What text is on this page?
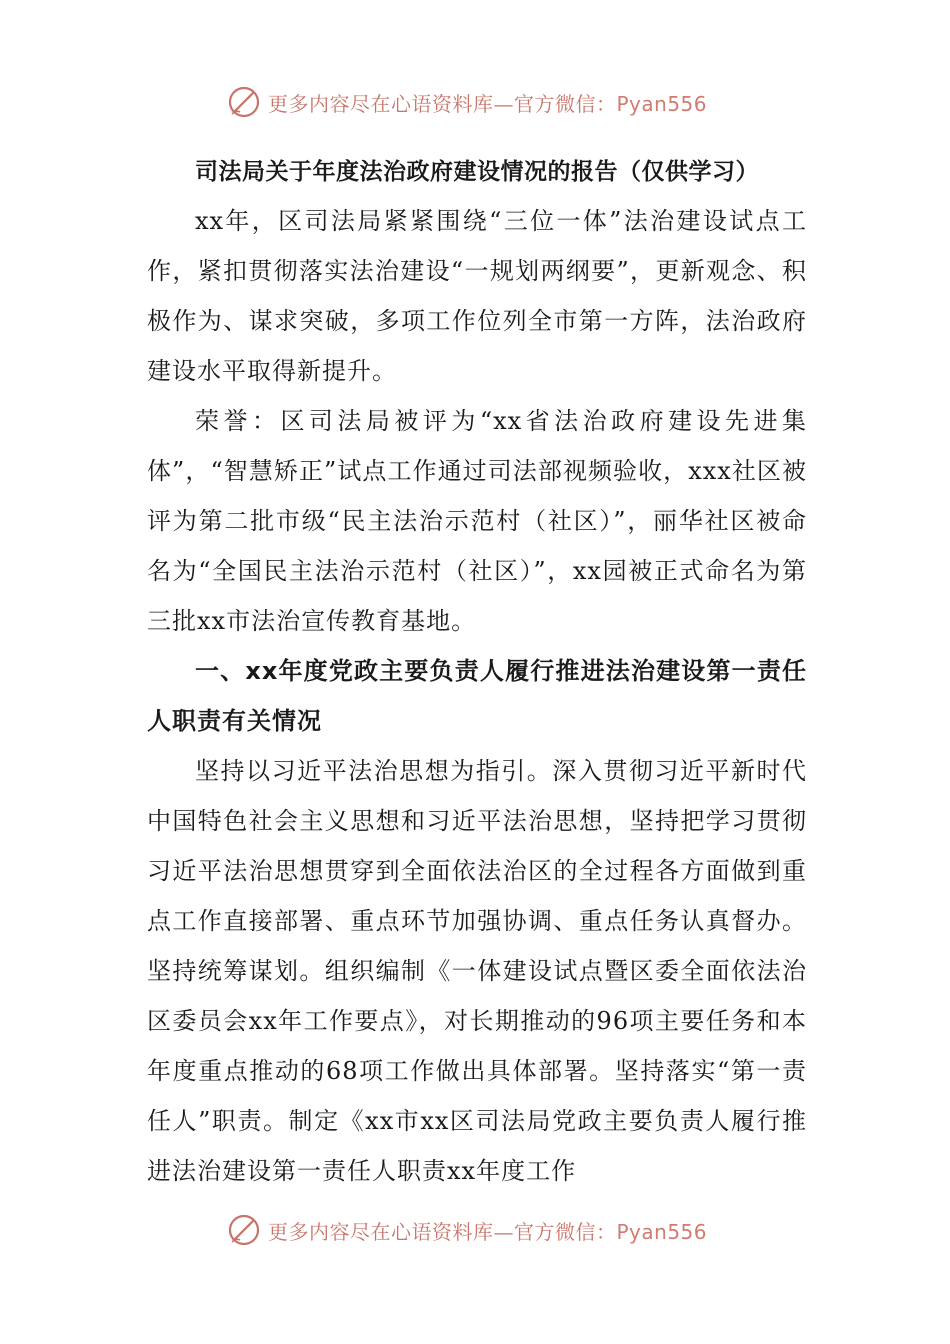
更多内容尽在心语资料库—官方微信：Pyan556
司法局关于年度法治政府建设情况的报告（仅供学习）

xx年，区司法局紧紧围绕“三位一体”法治建设试点工作，紧扣贯彻落实法治建设“一规划两纲要”，更新观念、积极作为、谋求突破，多项工作位列全市第一方阵，法治政府建设水平取得新提升。

荣誉：区司法局被评为“xx省法治政府建设先进集体”，“智慧矫正”试点工作通过司法部视频验收，xxx社区被评为第二批市级“民主法治示范村（社区）”，丽华社区被命名为“全国民主法治示范村（社区）”，xx园被正式命名为第三批xx市法治宣传教育基地。

一、xx年度党政主要负责人履行推进法治建设第一责任人职责有关情况

坚持以习近平法治思想为指引。深入贯彻习近平新时代中国特色社会主义思想和习近平法治思想，坚持把学习贯彻习近平法治思想贯穿到全面依法治区的全过程各方面做到重点工作直接部署、重点环节加强协调、重点任务认真督办。坚持统筹谋划。组织编制《一体建设试点暨区委全面依法治区委员会xx年工作要点》，对长期推动的96项主要任务和本年度重点推动的68项工作做出具体部署。坚持落实“第一责任人”职责。制定《xx市xx区司法局党政主要负责人履行推进法治建设第一责任人职责xx年度工作

更多内容尽在心语资料库—官方微信：Pyan556
